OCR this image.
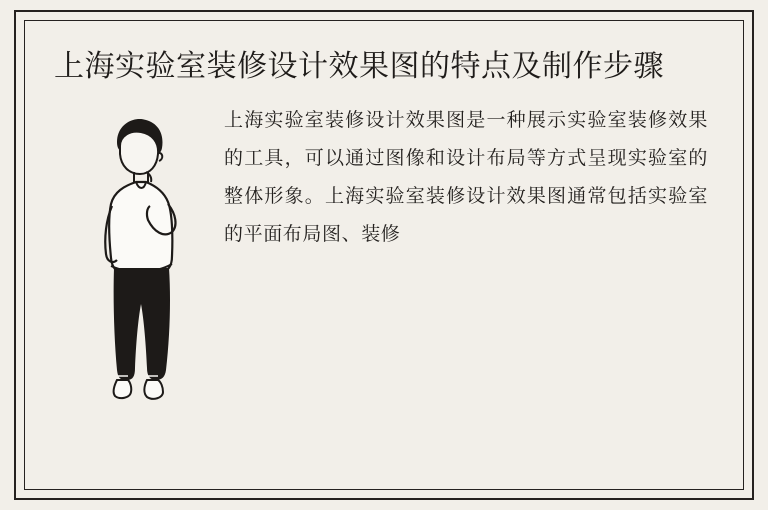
上海实验室装修设计效果图的特点及制作步骤
上海实验室装修设计效果图是一种展示实验室装修效果的工具，可以通过图像和设计布局等方式呈现实验室的整体形象。上海实验室装修设计效果图通常包括实验室的平面布局图、装修
